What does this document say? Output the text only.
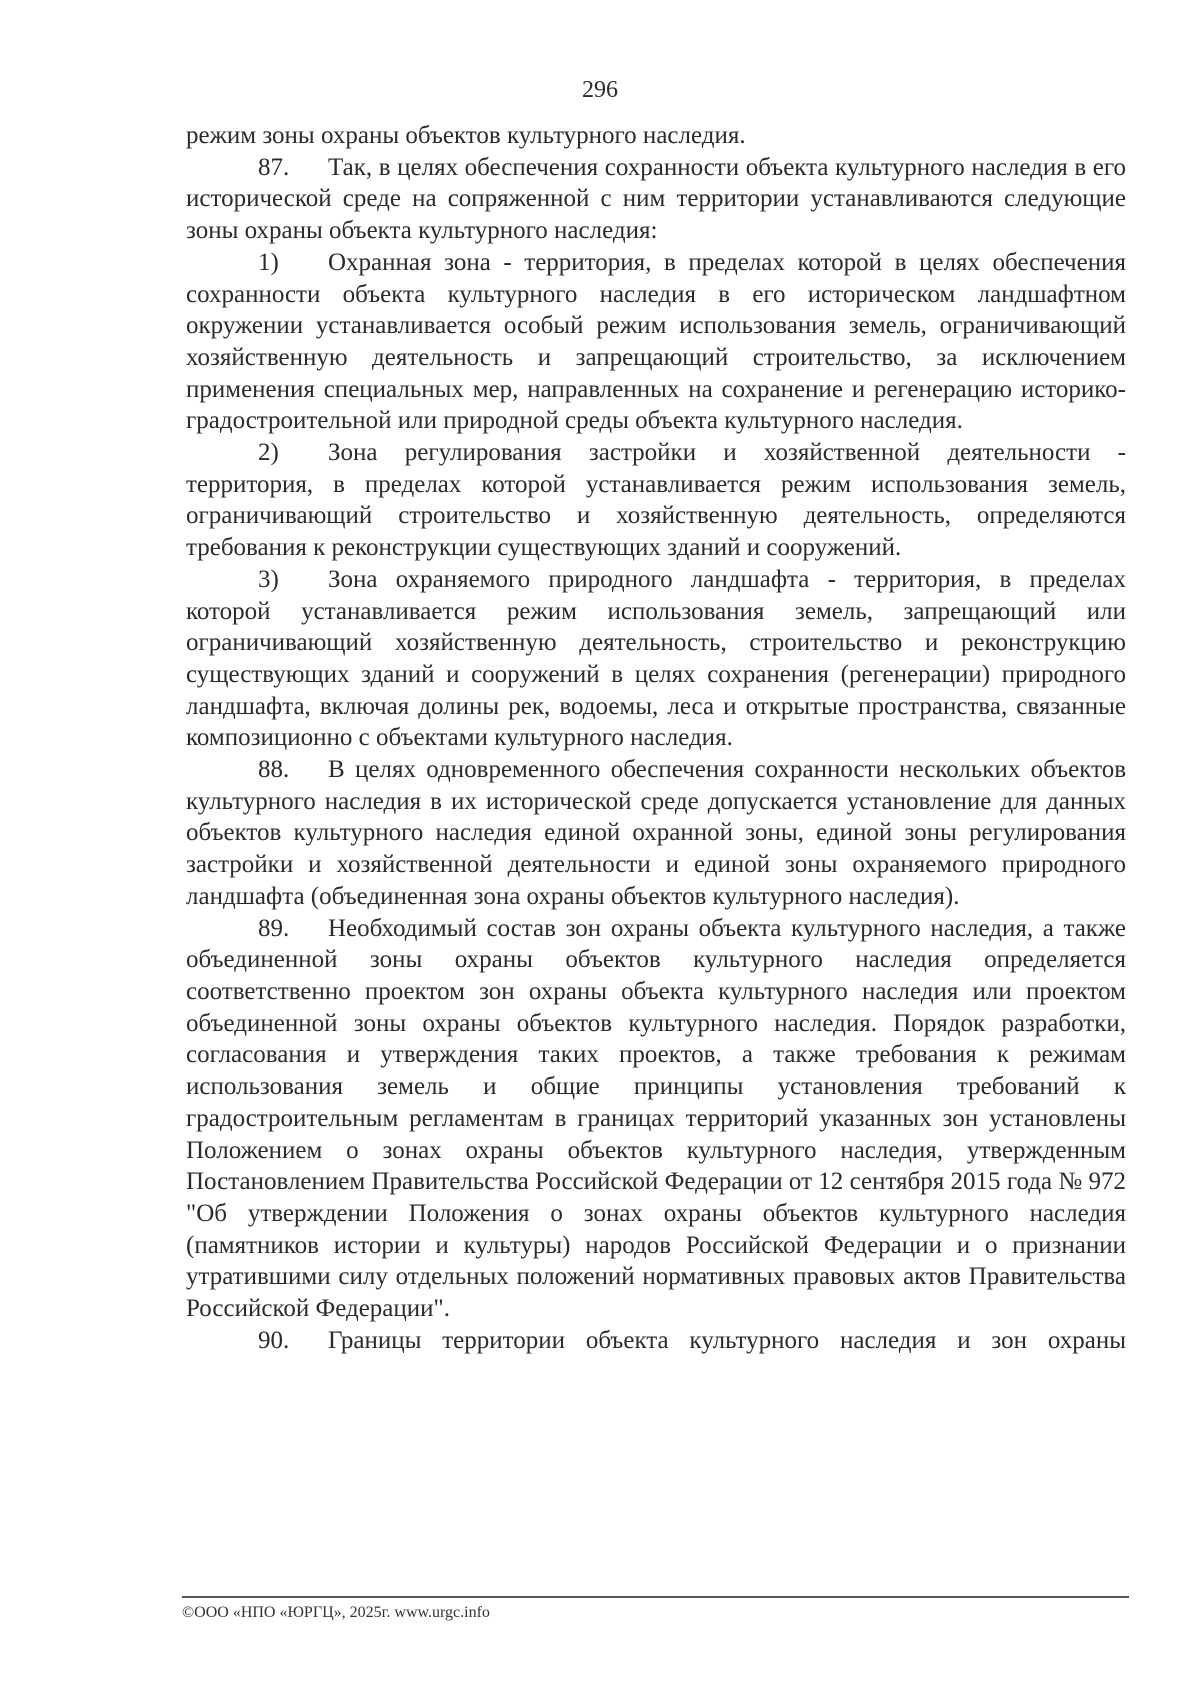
296

режим зоны охраны объектов культурного наследия.

87. Так, в целях обеспечения сохранности объекта культурного наследия в его исторической среде на сопряженной с ним территории устанавливаются следующие зоны охраны объекта культурного наследия:

1) Охранная зона - территория, в пределах которой в целях обеспечения сохранности объекта культурного наследия в его историческом ландшафтном окружении устанавливается особый режим использования земель, ограничивающий хозяйственную деятельность и запрещающий строительство, за исключением применения специальных мер, направленных на сохранение и регенерацию историко-градостроительной или природной среды объекта культурного наследия.

2) Зона регулирования застройки и хозяйственной деятельности - территория, в пределах которой устанавливается режим использования земель, ограничивающий строительство и хозяйственную деятельность, определяются требования к реконструкции существующих зданий и сооружений.

3) Зона охраняемого природного ландшафта - территория, в пределах которой устанавливается режим использования земель, запрещающий или ограничивающий хозяйственную деятельность, строительство и реконструкцию существующих зданий и сооружений в целях сохранения (регенерации) природного ландшафта, включая долины рек, водоемы, леса и открытые пространства, связанные композиционно с объектами культурного наследия.

88. В целях одновременного обеспечения сохранности нескольких объектов культурного наследия в их исторической среде допускается установление для данных объектов культурного наследия единой охранной зоны, единой зоны регулирования застройки и хозяйственной деятельности и единой зоны охраняемого природного ландшафта (объединенная зона охраны объектов культурного наследия).

89. Необходимый состав зон охраны объекта культурного наследия, а также объединенной зоны охраны объектов культурного наследия определяется соответственно проектом зон охраны объекта культурного наследия или проектом объединенной зоны охраны объектов культурного наследия. Порядок разработки, согласования и утверждения таких проектов, а также требования к режимам использования земель и общие принципы установления требований к градостроительным регламентам в границах территорий указанных зон установлены Положением о зонах охраны объектов культурного наследия, утвержденным Постановлением Правительства Российской Федерации от 12 сентября 2015 года № 972 "Об утверждении Положения о зонах охраны объектов культурного наследия (памятников истории и культуры) народов Российской Федерации и о признании утратившими силу отдельных положений нормативных правовых актов Правительства Российской Федерации".

90. Границы территории объекта культурного наследия и зон охраны

©ООО «НПО «ЮРГЦ», 2025г. www.urgc.info
